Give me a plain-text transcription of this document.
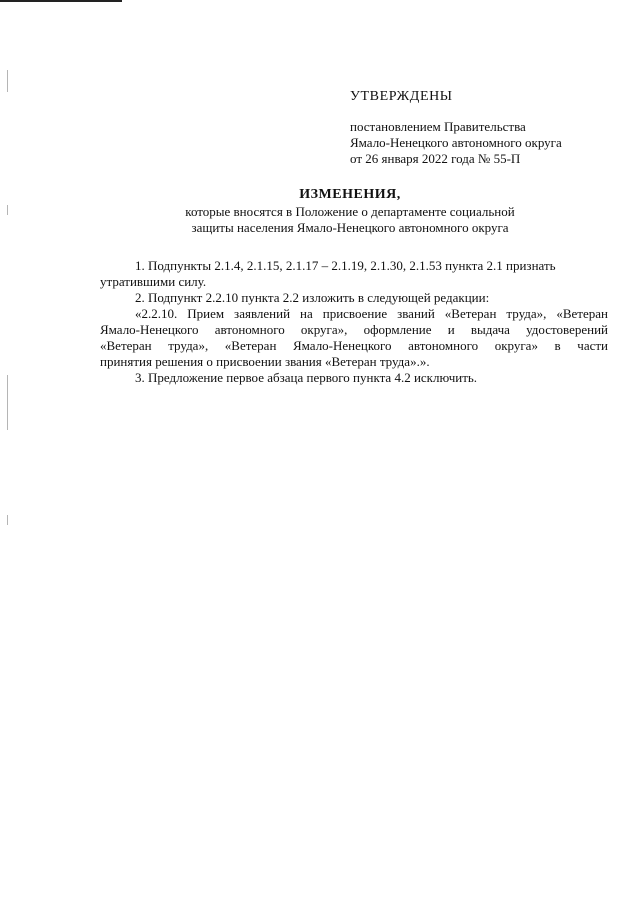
УТВЕРЖДЕНЫ
постановлением Правительства
Ямало-Ненецкого автономного округа
от 26 января 2022 года № 55-П
ИЗМЕНЕНИЯ,
которые вносятся в Положение о департаменте социальной
защиты населения Ямало-Ненецкого автономного округа
1. Подпункты 2.1.4, 2.1.15, 2.1.17 – 2.1.19, 2.1.30, 2.1.53 пункта 2.1 признать
утратившими силу.
2. Подпункт 2.2.10 пункта 2.2 изложить в следующей редакции:
«2.2.10. Прием заявлений на присвоение званий «Ветеран труда», «Ветеран
Ямало-Ненецкого автономного округа», оформление и выдача удостоверений
«Ветеран труда», «Ветеран Ямало-Ненецкого автономного округа» в части
принятия решения о присвоении звания «Ветеран труда».».
3. Предложение первое абзаца первого пункта 4.2 исключить.
